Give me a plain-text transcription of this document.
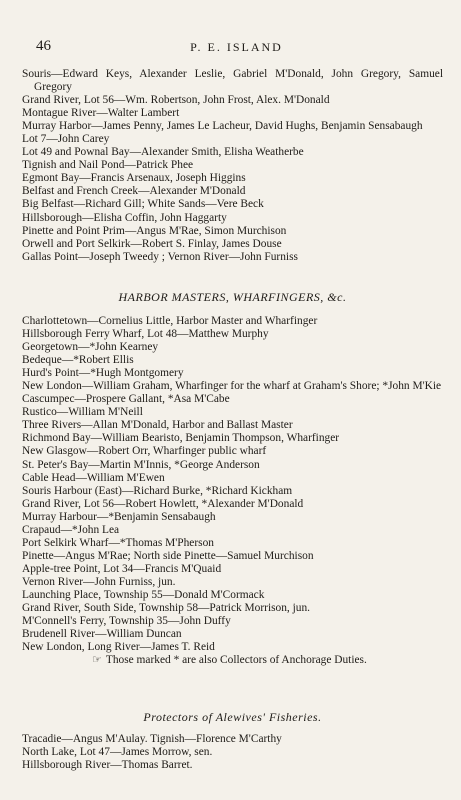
46	P. E. ISLAND
Souris—Edward Keys, Alexander Leslie, Gabriel M'Donald, John Gregory, Samuel Gregory
Grand River, Lot 56—Wm. Robertson, John Frost, Alex. M'Donald
Montague River—Walter Lambert
Murray Harbor—James Penny, James Le Lacheur, David Hughs, Benjamin Sensabaugh
Lot 7—John Carey
Lot 49 and Pownal Bay—Alexander Smith, Elisha Weatherbe
Tignish and Nail Pond—Patrick Phee
Egmont Bay—Francis Arsenaux, Joseph Higgins
Belfast and French Creek—Alexander M'Donald
Big Belfast—Richard Gill; White Sands—Vere Beck
Hillsborough—Elisha Coffin, John Haggarty
Pinette and Point Prim—Angus M'Rae, Simon Murchison
Orwell and Port Selkirk—Robert S. Finlay, James Douse
Gallas Point—Joseph Tweedy ; Vernon River—John Furniss
HARBOR MASTERS, WHARFINGERS, &c.
Charlottetown—Cornelius Little, Harbor Master and Wharfinger
Hillsborough Ferry Wharf, Lot 48—Matthew Murphy
Georgetown—*John Kearney
Bedeque—*Robert Ellis
Hurd's Point—*Hugh Montgomery
New London—William Graham, Wharfinger for the wharf at Graham's Shore; *John M'Kie
Cascumpec—Prospere Gallant, *Asa M'Cabe
Rustico—William M'Neill
Three Rivers—Allan M'Donald, Harbor and Ballast Master
Richmond Bay—William Bearisto, Benjamin Thompson, Wharfinger
New Glasgow—Robert Orr, Wharfinger public wharf
St. Peter's Bay—Martin M'Innis, *George Anderson
Cable Head—William M'Ewen
Souris Harbour (East)—Richard Burke, *Richard Kickham
Grand River, Lot 56—Robert Howlett, *Alexander M'Donald
Murray Harbour—*Benjamin Sensabaugh
Crapaud—*John Lea
Port Selkirk Wharf—*Thomas M'Pherson
Pinette—Angus M'Rae; North side Pinette—Samuel Murchison
Apple-tree Point, Lot 34—Francis M'Quaid
Vernon River—John Furniss, jun.
Launching Place, Township 55—Donald M'Cormack
Grand River, South Side, Township 58—Patrick Morrison, jun.
M'Connell's Ferry, Township 35—John Duffy
Brudenell River—William Duncan
New London, Long River—James T. Reid
☞ Those marked * are also Collectors of Anchorage Duties.
Protectors of Alewives' Fisheries.
Tracadie—Angus M'Aulay. Tignish—Florence M'Carthy
North Lake, Lot 47—James Morrow, sen.
Hillsborough River—Thomas Barret.
